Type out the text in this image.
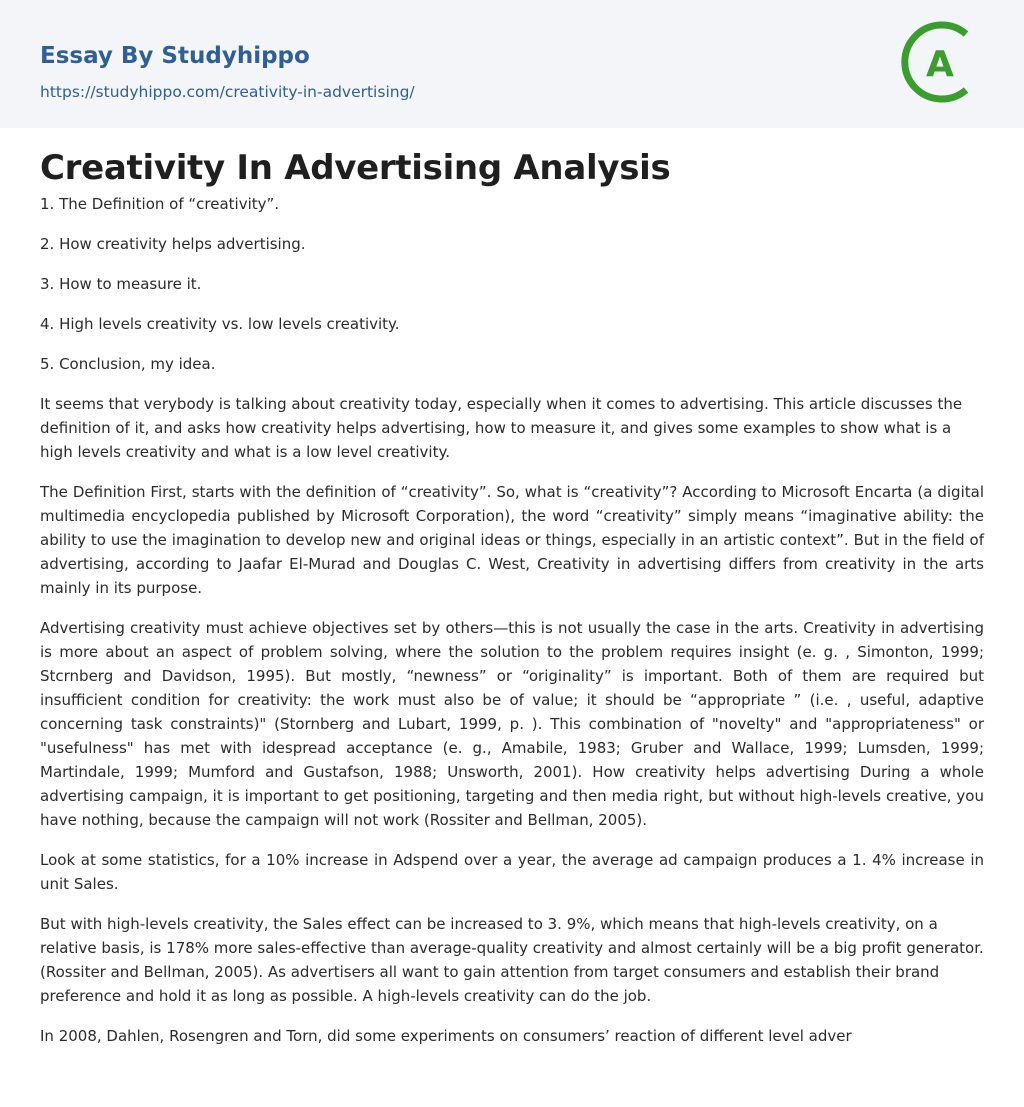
Essay By Studyhippo
https://studyhippo.com/creativity-in-advertising/
A
Creativity In Advertising Analysis

1. The Definition of “creativity”.

2. How creativity helps advertising.

3. How to measure it.

4. High levels creativity vs. low levels creativity.

5. Conclusion, my idea.

It seems that verybody is talking about creativity today, especially when it comes to advertising. This article discusses the definition of it, and asks how creativity helps advertising, how to measure it, and gives some examples to show what is a high levels creativity and what is a low level creativity.

The Definition First, starts with the definition of “creativity”. So, what is “creativity”? According to Microsoft Encarta (a digital multimedia encyclopedia published by Microsoft Corporation), the word “creativity” simply means “imaginative ability: the ability to use the imagination to develop new and original ideas or things, especially in an artistic context”. But in the field of advertising, according to Jaafar El-Murad and Douglas C. West, Creativity in advertising differs from creativity in the arts mainly in its purpose.

Advertising creativity must achieve objectives set by others—this is not usually the case in the arts. Creativity in advertising is more about an aspect of problem solving, where the solution to the problem requires insight (e. g. , Simonton, 1999; Stcrnberg and Davidson, 1995). But mostly, “newness” or “originality” is important. Both of them are required but insufficient condition for creativity: the work must also be of value; it should be “appropriate ” (i.e. , useful, adaptive concerning task constraints)" (Stornberg and Lubart, 1999, p. ). This combination of "novelty" and "appropriateness" or "usefulness" has met with idespread acceptance (e. g., Amabile, 1983; Gruber and Wallace, 1999; Lumsden, 1999; Martindale, 1999; Mumford and Gustafson, 1988; Unsworth, 2001). How creativity helps advertising During a whole advertising campaign, it is important to get positioning, targeting and then media right, but without high-levels creative, you have nothing, because the campaign will not work (Rossiter and Bellman, 2005).

Look at some statistics, for a 10% increase in Adspend over a year, the average ad campaign produces a 1. 4% increase in unit Sales.

But with high-levels creativity, the Sales effect can be increased to 3. 9%, which means that high-levels creativity, on a relative basis, is 178% more sales-effective than average-quality creativity and almost certainly will be a big profit generator. (Rossiter and Bellman, 2005). As advertisers all want to gain attention from target consumers and establish their brand preference and hold it as long as possible. A high-levels creativity can do the job.

In 2008, Dahlen, Rosengren and Torn, did some experiments on consumers’ reaction of different level adver
